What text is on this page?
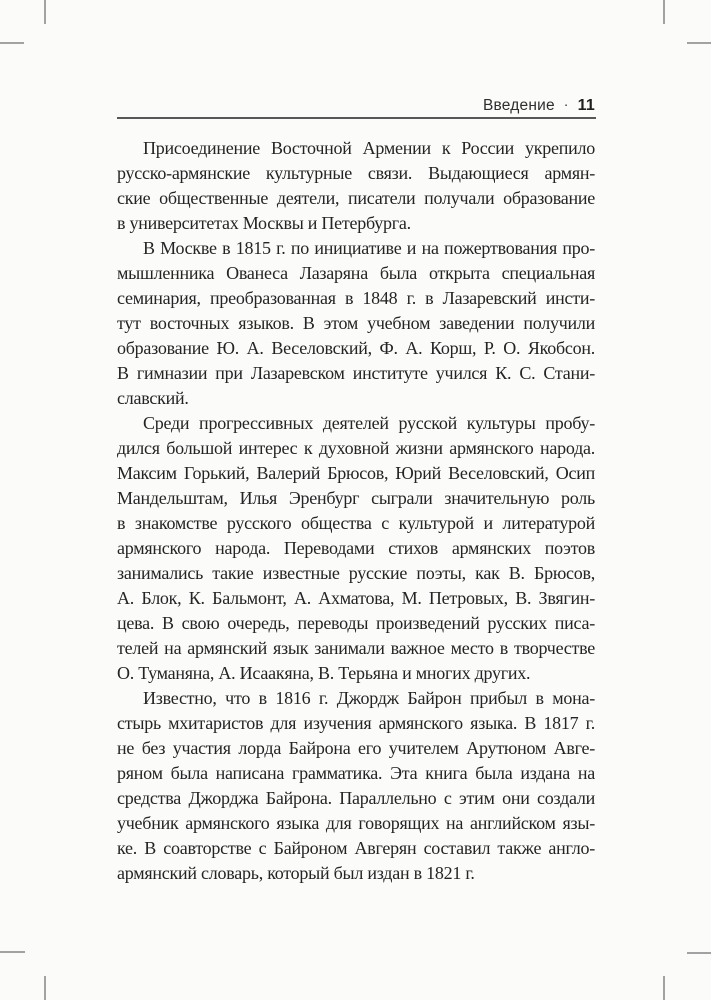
Введение · 11
Присоединение Восточной Армении к России укрепило
русско-армянские культурные связи. Выдающиеся армян-
ские общественные деятели, писатели получали образование
в университетах Москвы и Петербурга.
В Москве в 1815 г. по инициативе и на пожертвования про-
мышленника Ованеса Лазаряна была открыта специальная
семинария, преобразованная в 1848 г. в Лазаревский инсти-
тут восточных языков. В этом учебном заведении получили
образование Ю. А. Веселовский, Ф. А. Корш, Р. О. Якобсон.
В гимназии при Лазаревском институте учился К. С. Стани-
славский.
Среди прогрессивных деятелей русской культуры пробу-
дился большой интерес к духовной жизни армянского народа.
Максим Горький, Валерий Брюсов, Юрий Веселовский, Осип
Мандельштам, Илья Эренбург сыграли значительную роль
в знакомстве русского общества с культурой и литературой
армянского народа. Переводами стихов армянских поэтов
занимались такие известные русские поэты, как В. Брюсов,
А. Блок, К. Бальмонт, А. Ахматова, М. Петровых, В. Звягин-
цева. В свою очередь, переводы произведений русских писа-
телей на армянский язык занимали важное место в творчестве
О. Туманяна, А. Исаакяна, В. Терьяна и многих других.
Известно, что в 1816 г. Джордж Байрон прибыл в мона-
стырь мхитаристов для изучения армянского языка. В 1817 г.
не без участия лорда Байрона его учителем Арутюном Авге-
ряном была написана грамматика. Эта книга была издана на
средства Джорджа Байрона. Параллельно с этим они создали
учебник армянского языка для говорящих на английском язы-
ке. В соавторстве с Байроном Авгерян составил также англо-
армянский словарь, который был издан в 1821 г.
